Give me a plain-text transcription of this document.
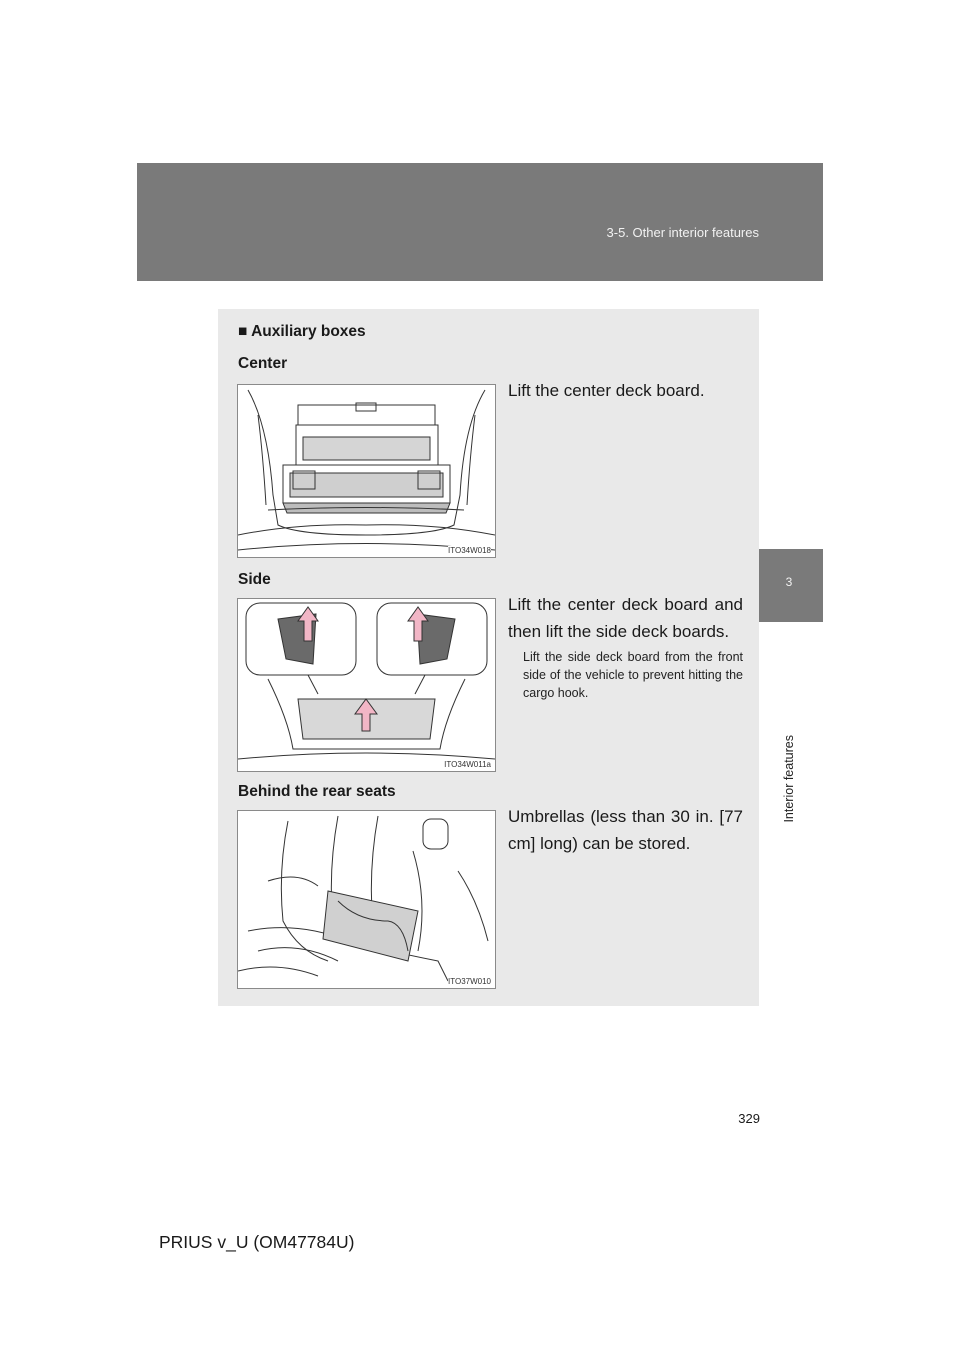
3-5. Other interior features
3
Interior features
■ Auxiliary boxes
Center
ITO34W018
Lift the center deck board.
Side
ITO34W011a
Lift the center deck board and then lift the side deck boards.
Lift the side deck board from the front side of the vehicle to prevent hitting the cargo hook.
Behind the rear seats
ITO37W010
Umbrellas (less than 30 in. [77 cm] long) can be stored.
329
PRIUS v_U (OM47784U)
